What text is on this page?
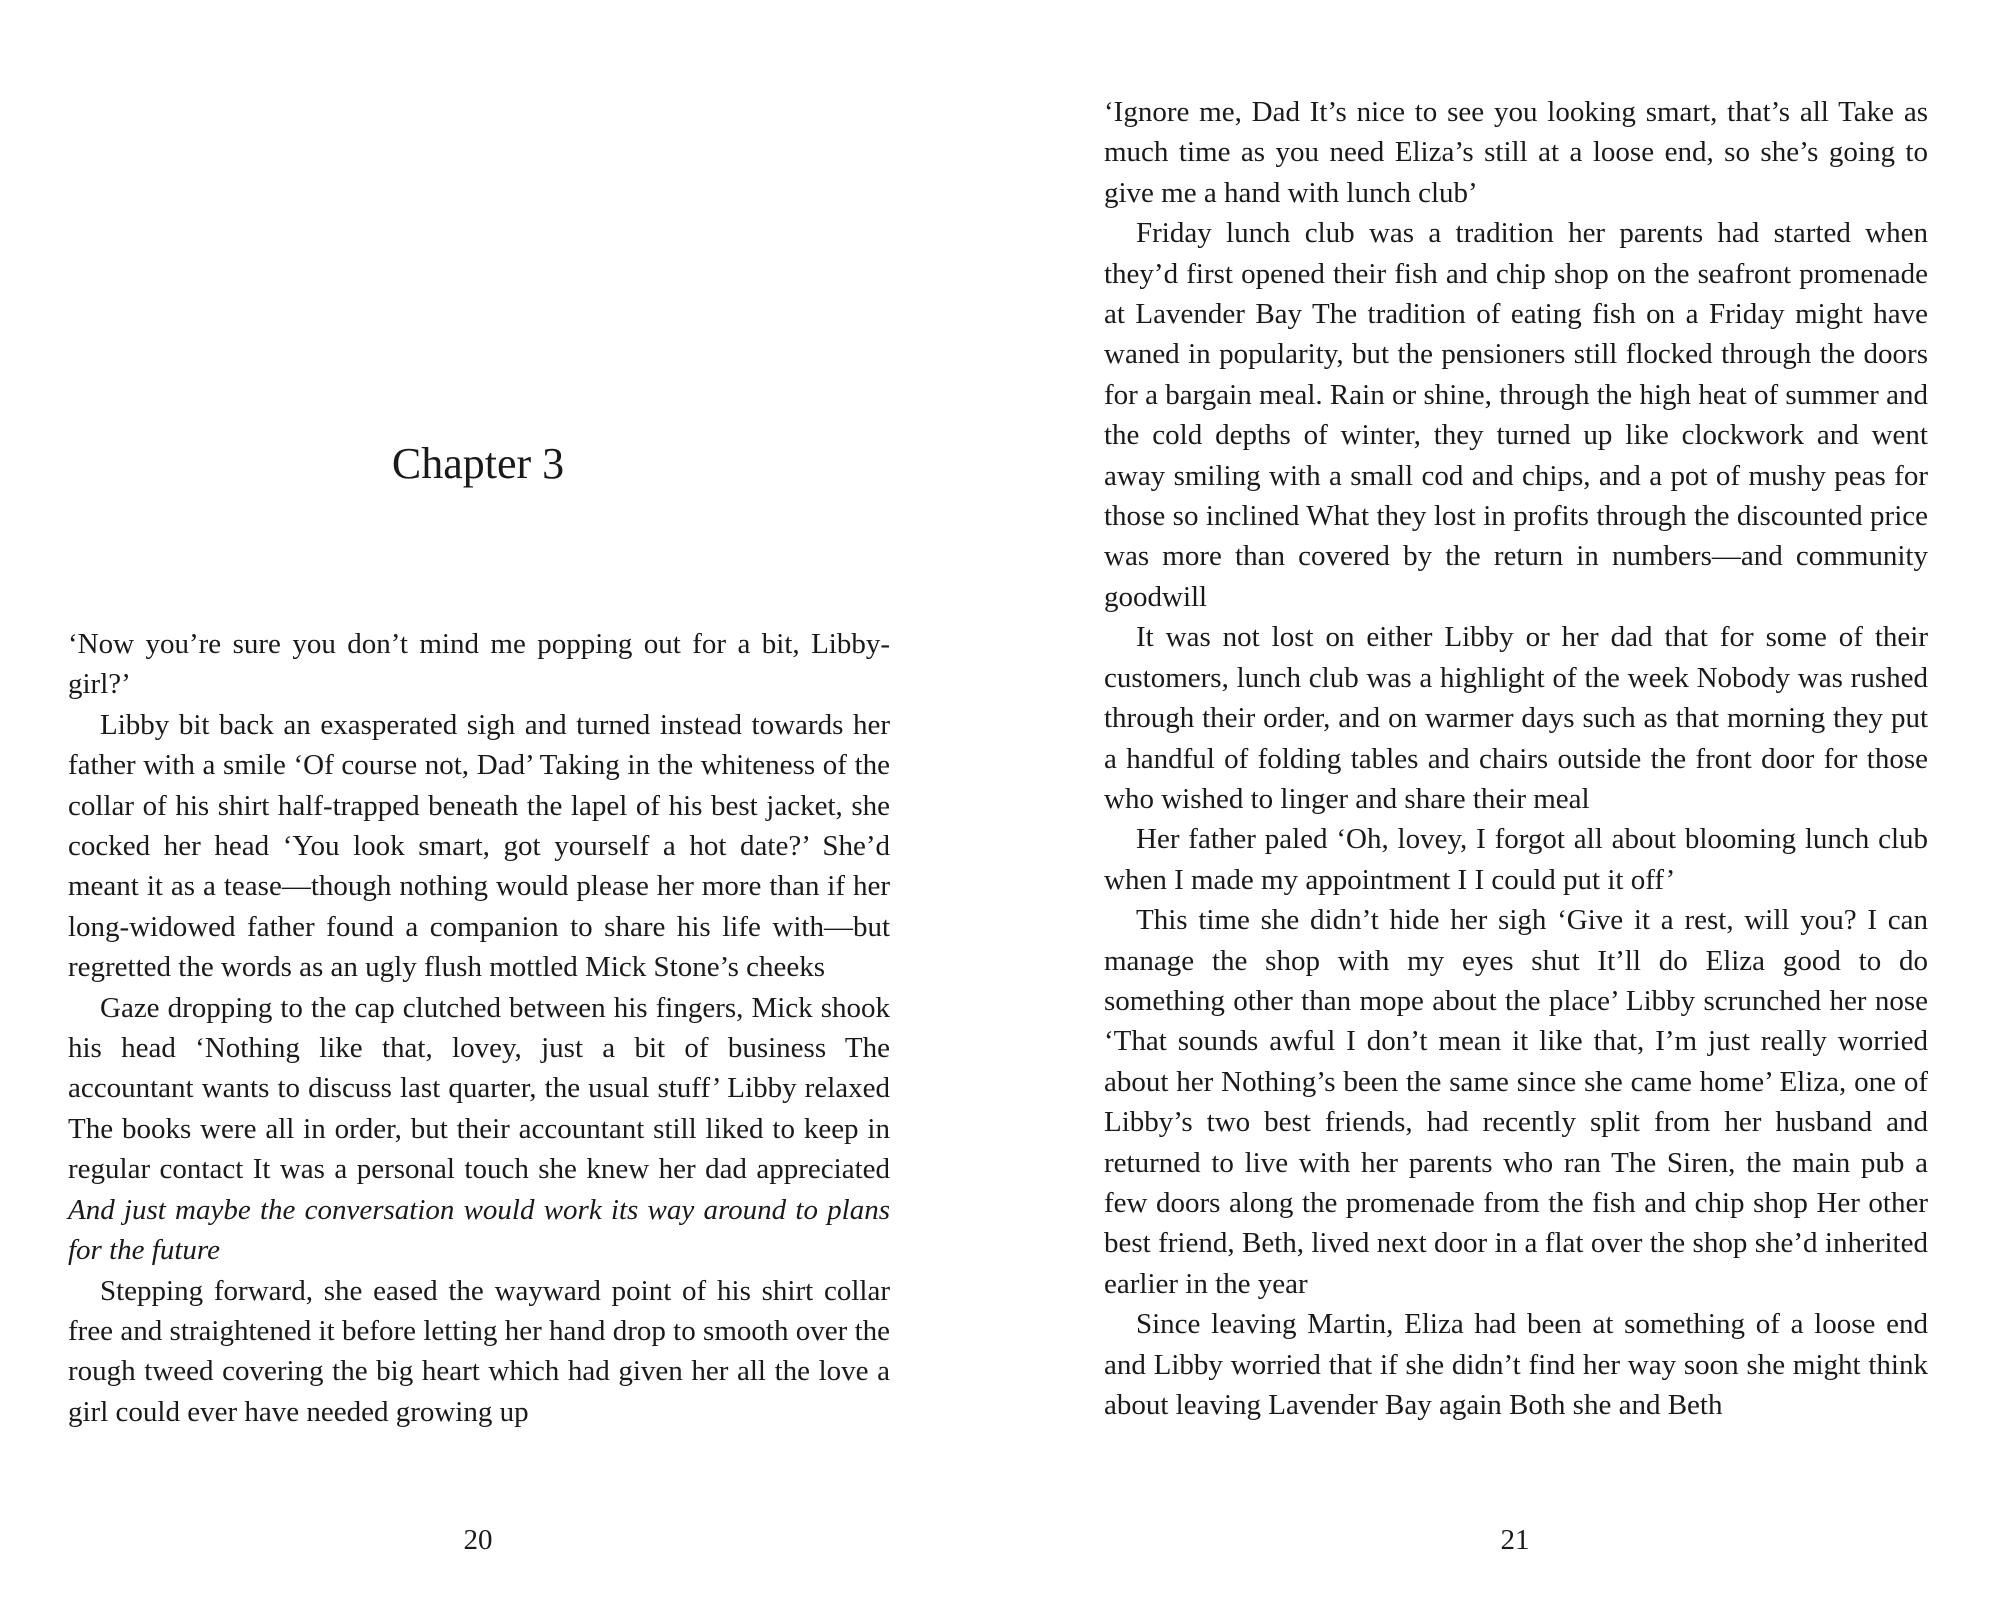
Chapter 3

‘Now you’re sure you don’t mind me popping out for a bit, Libby-girl?’

Libby bit back an exasperated sigh and turned instead towards her father with a smile ‘Of course not, Dad’ Taking in the whiteness of the collar of his shirt half-trapped beneath the lapel of his best jacket, she cocked her head ‘You look smart, got yourself a hot date?’ She’d meant it as a tease—though nothing would please her more than if her long-widowed father found a companion to share his life with—but regretted the words as an ugly flush mottled Mick Stone’s cheeks

Gaze dropping to the cap clutched between his fingers, Mick shook his head ‘Nothing like that, lovey, just a bit of business The accountant wants to discuss last quarter, the usual stuff’ Libby relaxed The books were all in order, but their accountant still liked to keep in regular contact It was a personal touch she knew her dad appreciated And just maybe the conversation would work its way around to plans for the future

Stepping forward, she eased the wayward point of his shirt collar free and straightened it before letting her hand drop to smooth over the rough tweed covering the big heart which had given her all the love a girl could ever have needed growing up

20

‘Ignore me, Dad It’s nice to see you looking smart, that’s all Take as much time as you need Eliza’s still at a loose end, so she’s going to give me a hand with lunch club’

Friday lunch club was a tradition her parents had started when they’d first opened their fish and chip shop on the seafront promenade at Lavender Bay The tradition of eating fish on a Friday might have waned in popularity, but the pensioners still flocked through the doors for a bargain meal. Rain or shine, through the high heat of summer and the cold depths of winter, they turned up like clockwork and went away smiling with a small cod and chips, and a pot of mushy peas for those so inclined What they lost in profits through the discounted price was more than covered by the return in numbers—and community goodwill

It was not lost on either Libby or her dad that for some of their customers, lunch club was a highlight of the week Nobody was rushed through their order, and on warmer days such as that morning they put a handful of folding tables and chairs outside the front door for those who wished to linger and share their meal

Her father paled ‘Oh, lovey, I forgot all about blooming lunch club when I made my appointment I I could put it off’

This time she didn’t hide her sigh ‘Give it a rest, will you? I can manage the shop with my eyes shut It’ll do Eliza good to do something other than mope about the place’ Libby scrunched her nose ‘That sounds awful I don’t mean it like that, I’m just really worried about her Nothing’s been the same since she came home’ Eliza, one of Libby’s two best friends, had recently split from her husband and returned to live with her parents who ran The Siren, the main pub a few doors along the promenade from the fish and chip shop Her other best friend, Beth, lived next door in a flat over the shop she’d inherited earlier in the year

Since leaving Martin, Eliza had been at something of a loose end and Libby worried that if she didn’t find her way soon she might think about leaving Lavender Bay again Both she and Beth

21
